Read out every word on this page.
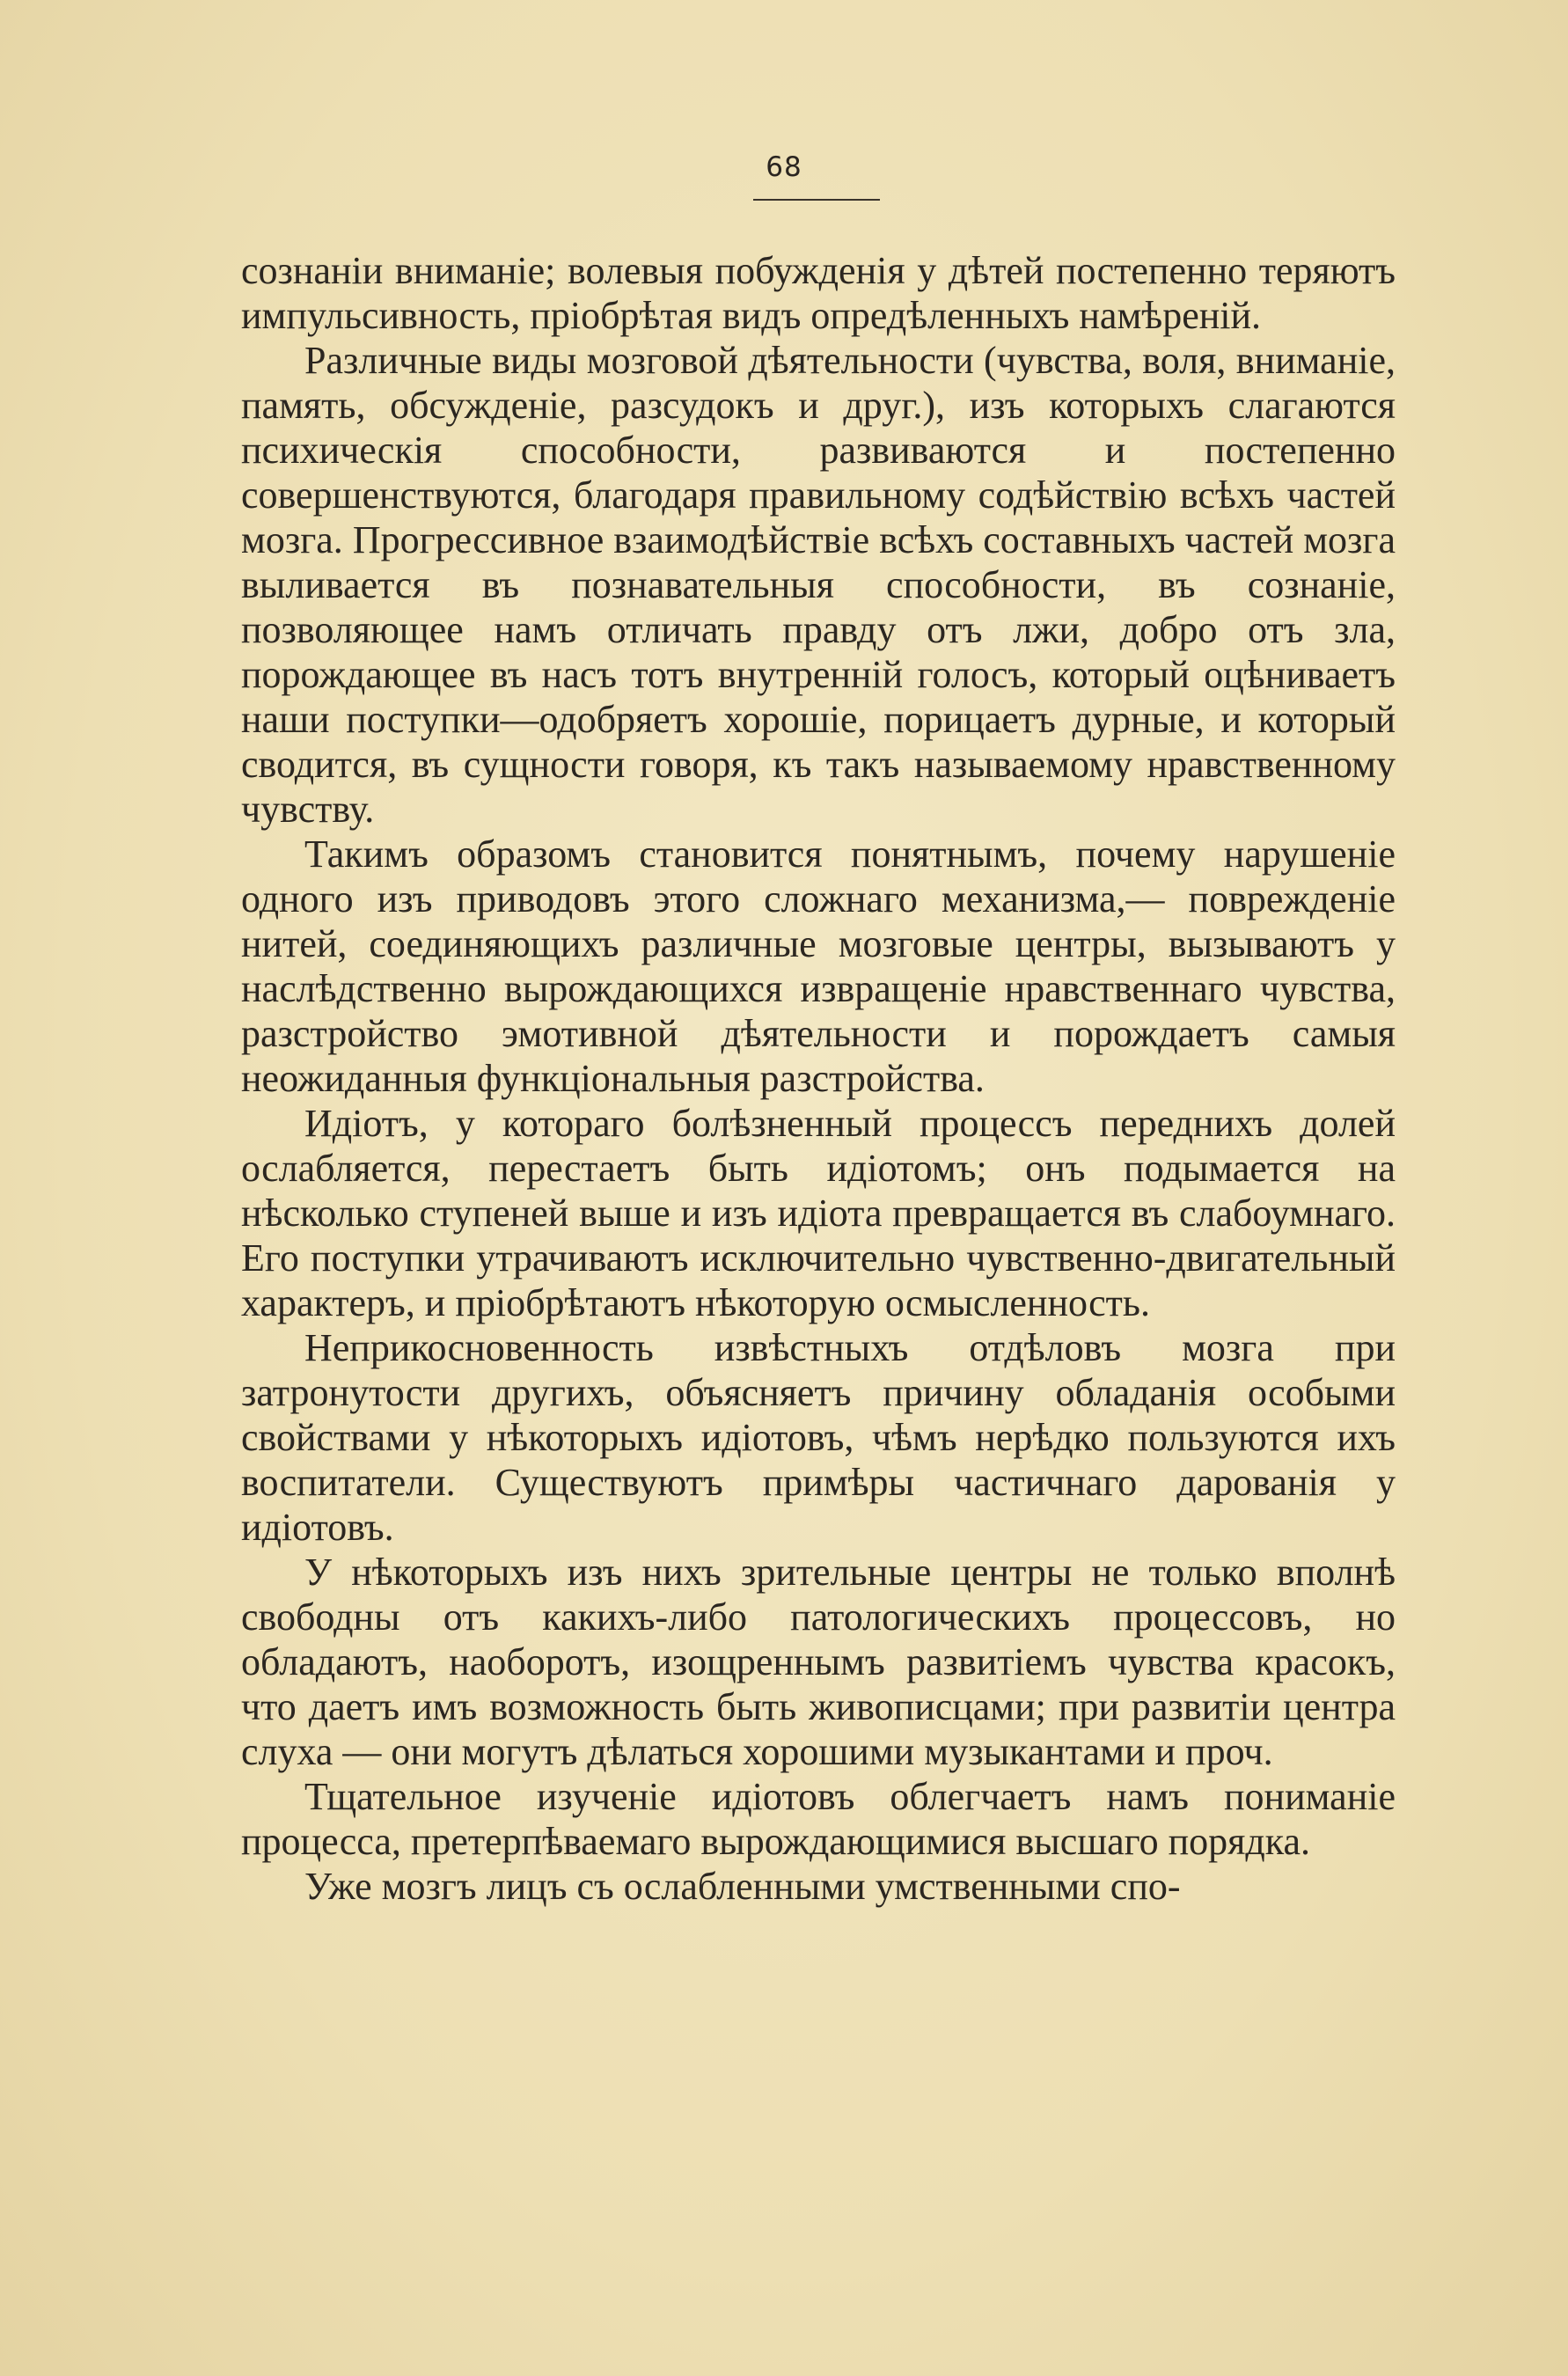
68

сознанiи вниманiе; волевыя побужденiя у дѣтей постепенно теряютъ импульсивность, прiобрѣтая видъ опредѣленныхъ намѣренiй.

Различные виды мозговой дѣятельности (чувства, воля, вниманiе, память, обсужденiе, разсудокъ и друг.), изъ которыхъ слагаются психическiя способности, развиваются и постепенно совершенствуются, благодаря правильному содѣйствiю всѣхъ частей мозга. Прогрессивное взаимодѣйствiе всѣхъ составныхъ частей мозга выливается въ познавательныя способности, въ сознанiе, позволяющее намъ отличать правду отъ лжи, добро отъ зла, порождающее въ насъ тотъ внутреннiй голосъ, который оцѣниваетъ наши поступки—одобряетъ хорошiе, порицаетъ дурные, и который сводится, въ сущности говоря, къ такъ называемому нравственному чувству.

Такимъ образомъ становится понятнымъ, почему нарушенiе одного изъ приводовъ этого сложнаго механизма,— поврежденiе нитей, соединяющихъ различные мозговые центры, вызываютъ у наслѣдственно вырождающихся извращенiе нравственнаго чувства, разстройство эмотивной дѣятельности и порождаетъ самыя неожиданныя функцiональныя разстройства.

Идiотъ, у котораго болѣзненный процессъ переднихъ долей ослабляется, перестаетъ быть идiотомъ; онъ подымается на нѣсколько ступеней выше и изъ идiота превращается въ слабоумнаго. Его поступки утрачиваютъ исключительно чувственно-двигательный характеръ, и прiобрѣтаютъ нѣкоторую осмысленность.

Неприкосновенность извѣстныхъ отдѣловъ мозга при затронутости другихъ, объясняетъ причину обладанiя особыми свойствами у нѣкоторыхъ идiотовъ, чѣмъ нерѣдко пользуются ихъ воспитатели. Существуютъ примѣры частичнаго дарованiя у идiотовъ.

У нѣкоторыхъ изъ нихъ зрительные центры не только вполнѣ свободны отъ какихъ-либо патологическихъ процессовъ, но обладаютъ, наоборотъ, изощреннымъ развитiемъ чувства красокъ, что даетъ имъ возможность быть живописцами; при развитiи центра слуха — они могутъ дѣлаться хорошими музыкантами и проч.

Тщательное изученiе идiотовъ облегчаетъ намъ пониманiе процесса, претерпѣваемаго вырождающимися высшаго порядка.

Уже мозгъ лицъ съ ослабленными умственными спо-
